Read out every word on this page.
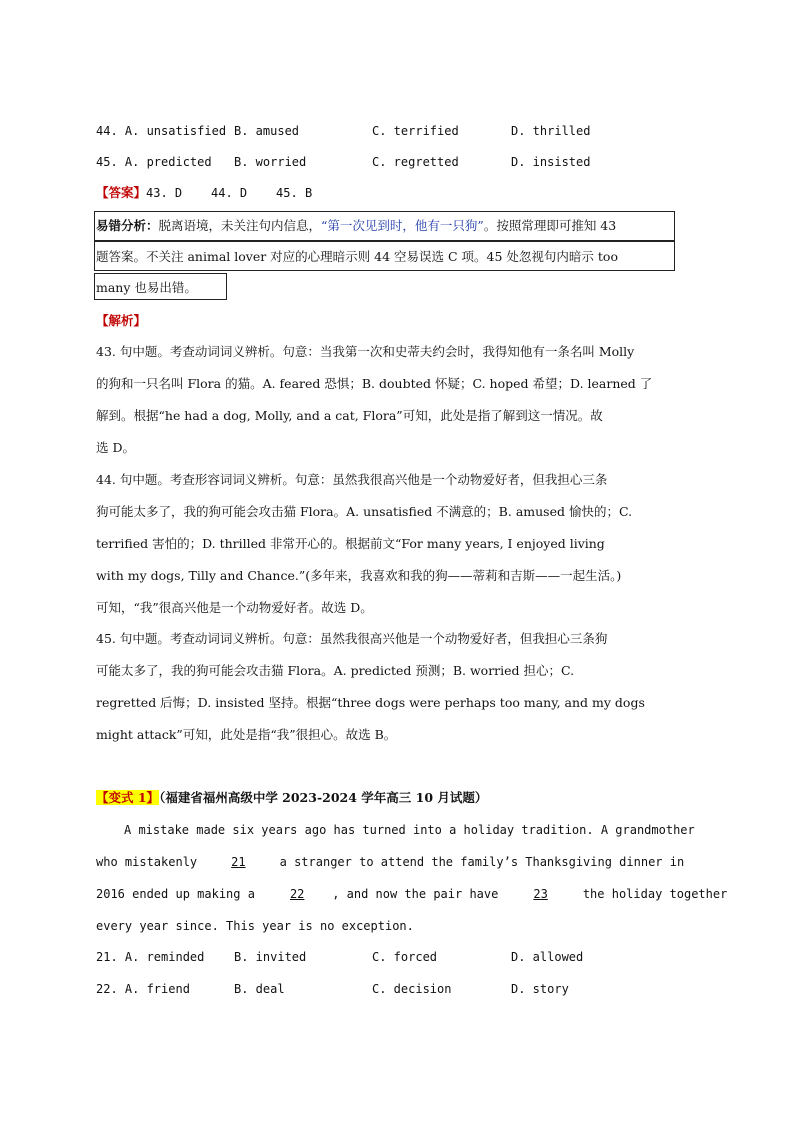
44. A. unsatisfied B. amused	C. terrified	D. thrilled
45. A. predicted B. worried	C. regretted	D. insisted
【答案】43. D    44. D    45. B
易错分析：脱离语境，未关注句内信息，“第一次见到时，他有一只狗”。按照常理即可推知 43
题答案。不关注 animal lover 对应的心理暗示则 44 空易误选 C 项。45 处忽视句内暗示 too
many 也易出错。
【解析】
43. 句中题。考查动词词义辨析。句意：当我第一次和史蒂夫约会时，我得知他有一条名叫 Molly
的狗和一只名叫 Flora 的猫。A. feared 恐惧；B. doubted 怀疑；C. hoped 希望；D. learned 了
解到。根据“he had a dog, Molly, and a cat, Flora”可知，此处是指了解到这一情况。故
选 D。
44. 句中题。考查形容词词义辨析。句意：虽然我很高兴他是一个动物爱好者，但我担心三条
狗可能太多了，我的狗可能会攻击猫 Flora。A. unsatisfied 不满意的；B. amused 愉快的；C.
terrified 害怕的；D. thrilled 非常开心的。根据前文“For many years, I enjoyed living
with my dogs, Tilly and Chance.”(多年来，我喜欢和我的狗——蒂莉和吉斯——一起生活。)
可知，“我”很高兴他是一个动物爱好者。故选 D。
45. 句中题。考查动词词义辨析。句意：虽然我很高兴他是一个动物爱好者，但我担心三条狗
可能太多了，我的狗可能会攻击猫 Flora。A. predicted 预测；B. worried 担心；C.
regretted 后悔；D. insisted 坚持。根据“three dogs were perhaps too many, and my dogs
might attack”可知，此处是指“我”很担心。故选 B。
【变式 1】（福建省福州高级中学 2023-2024 学年高三 10 月试题）
A mistake made six years ago has turned into a holiday tradition. A grandmother
who mistakenly	21	a stranger to attend the family’s Thanksgiving dinner in
2016 ended up making a	22 , and now the pair have	23	the holiday together
every year since. This year is no exception.
21. A. reminded B. invited	C. forced	D. allowed
22. A. friend	B. deal	C. decision	D. story
